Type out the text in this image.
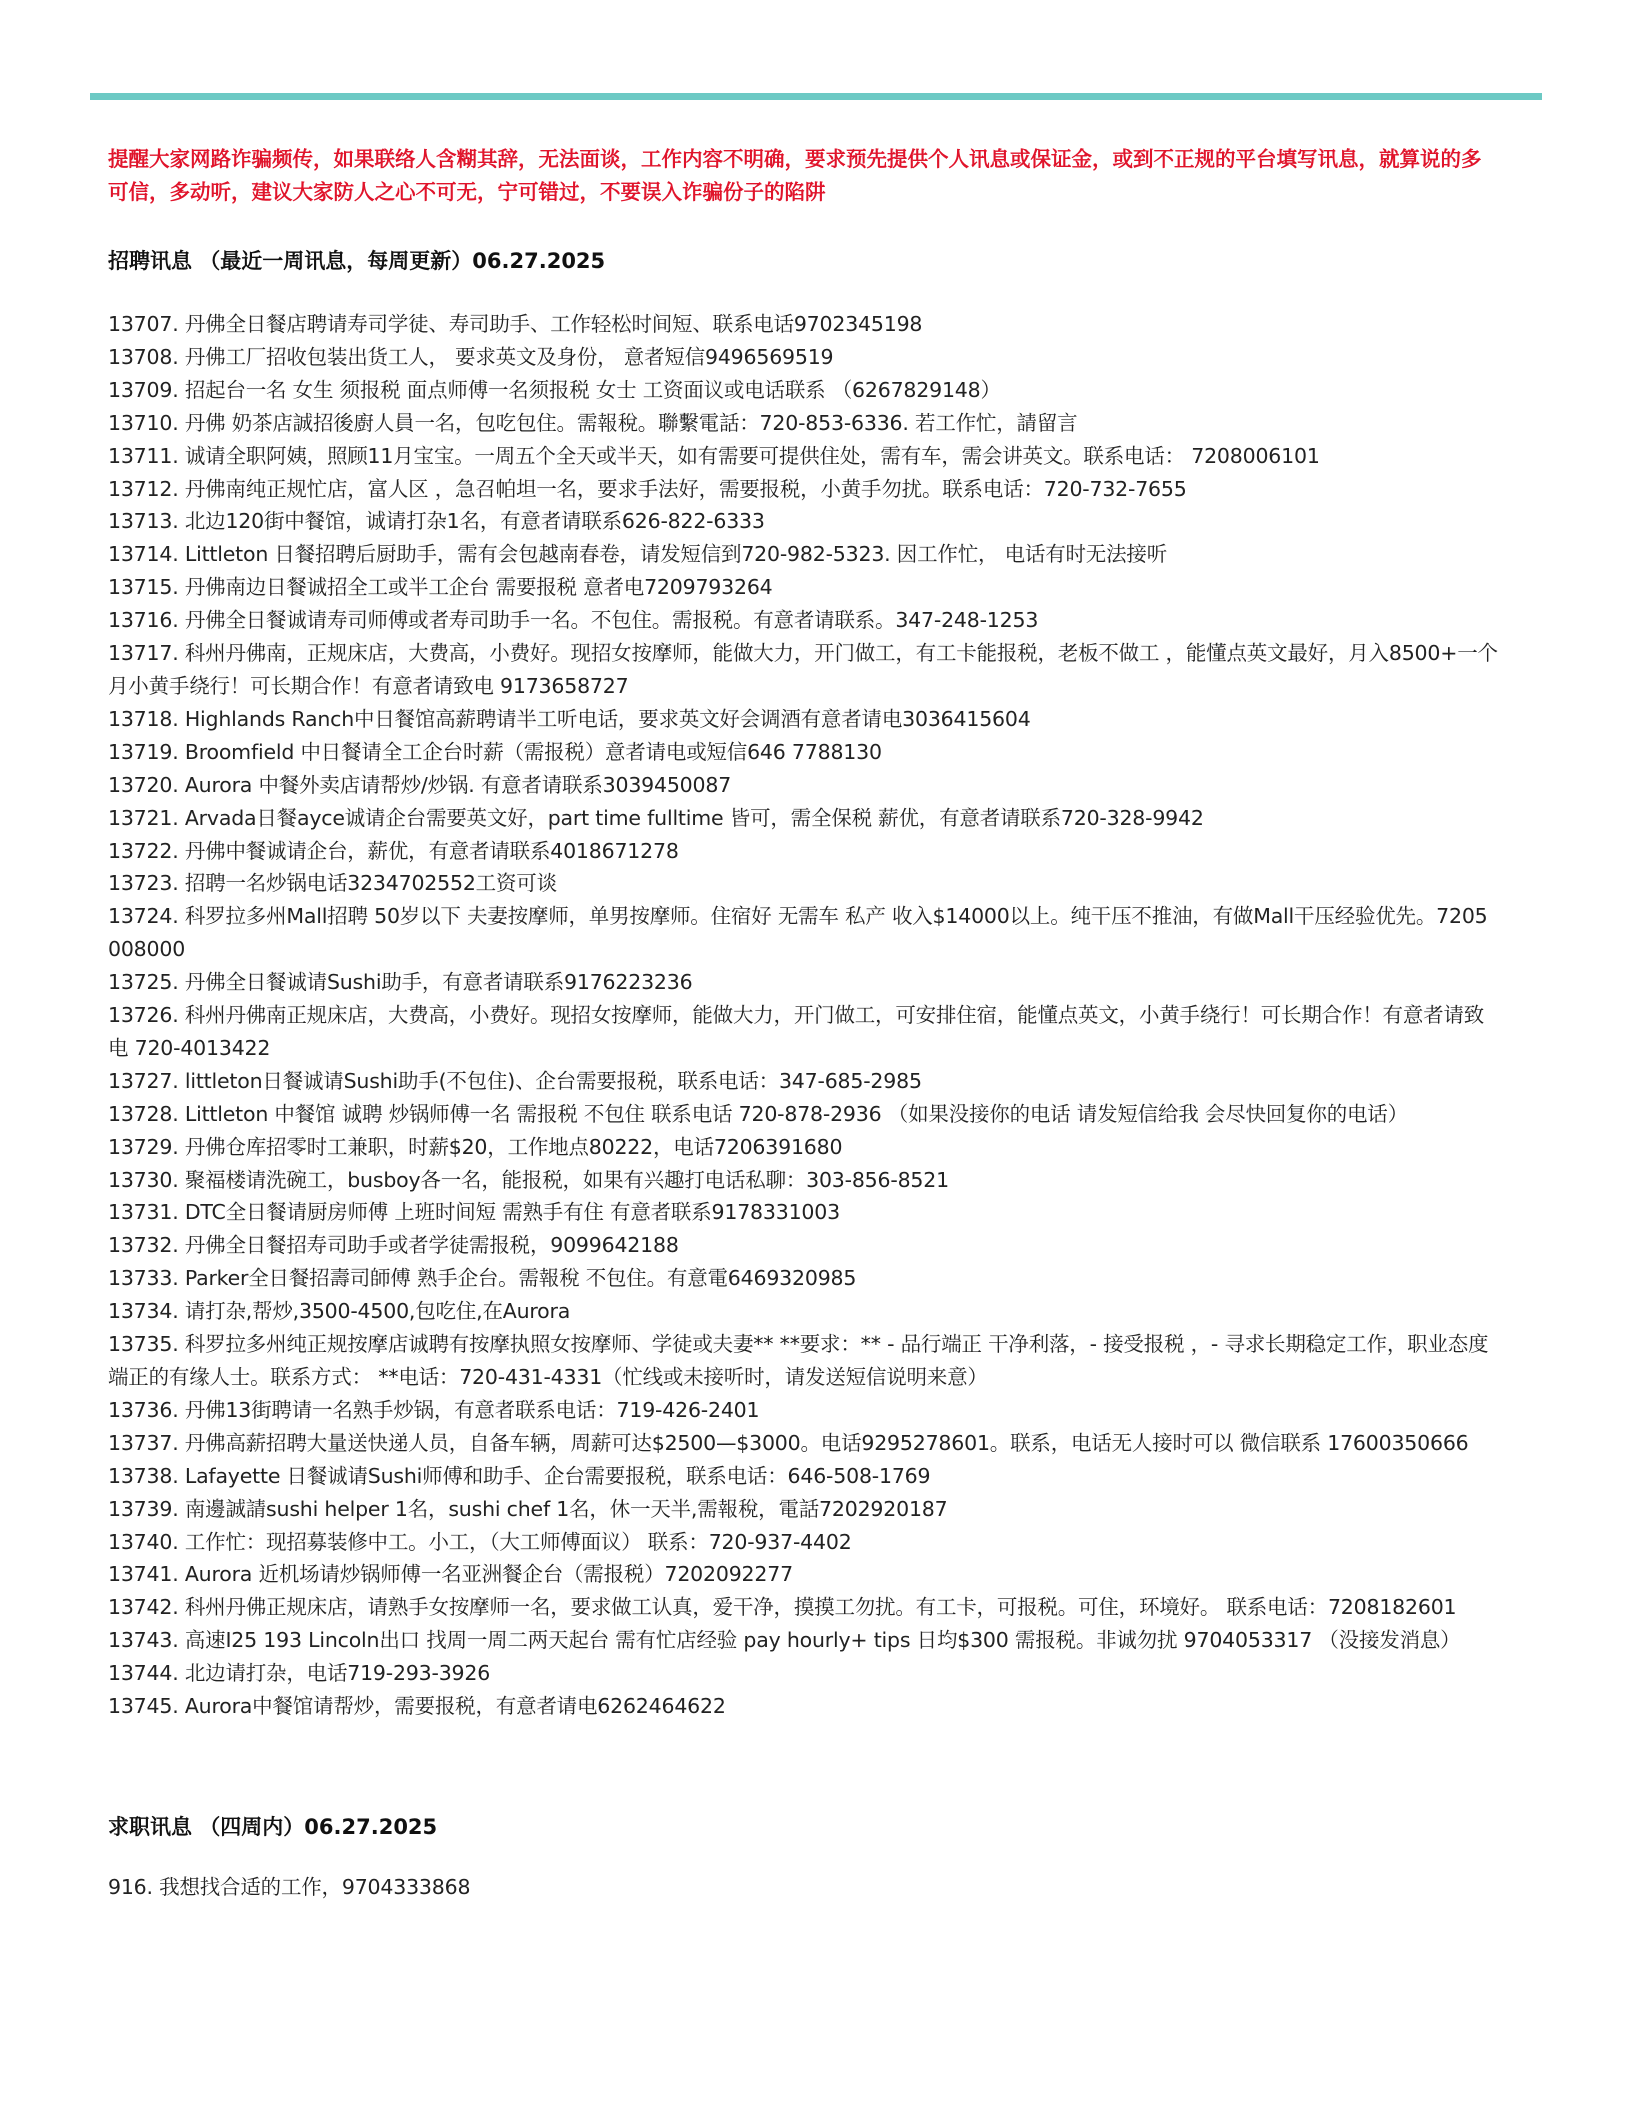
提醒大家网路诈骗频传，如果联络人含糊其辞，无法面谈，工作内容不明确，要求预先提供个人讯息或保证金，或到不正规的平台填写讯息，就算说的多可信，多动听，建议大家防人之心不可无，宁可错过，不要误入诈骗份子的陷阱

招聘讯息 （最近一周讯息，每周更新）06.27.2025
13707. 丹佛全日餐店聘请寿司学徒、寿司助手、工作轻松时间短、联系电话9702345198
13708. 丹佛工厂招收包装出货工人， 要求英文及身份， 意者短信9496569519
13709. 招起台一名 女生 须报税 面点师傅一名须报税 女士 工资面议或电话联系 （6267829148）
13710. 丹佛 奶茶店誠招後廚人員一名，包吃包住。需報稅。聯繫電話：720-853-6336. 若工作忙，請留言
13711. 诚请全职阿姨，照顾11月宝宝。一周五个全天或半天，如有需要可提供住处，需有车，需会讲英文。联系电话： 7208006101
13712. 丹佛南纯正规忙店，富人区 ，急召帕坦一名，要求手法好，需要报税，小黄手勿扰。联系电话：720-732-7655
13713. 北边120街中餐馆，诚请打杂1名，有意者请联系626-822-6333
13714. Littleton 日餐招聘后厨助手，需有会包越南春卷，请发短信到720-982-5323. 因工作忙， 电话有时无法接听
13715. 丹佛南边日餐诚招全工或半工企台 需要报税 意者电7209793264
13716. 丹佛全日餐诚请寿司师傅或者寿司助手一名。不包住。需报税。有意者请联系。347-248-1253
13717. 科州丹佛南，正规床店，大费高，小费好。现招女按摩师，能做大力，开门做工，有工卡能报税，老板不做工 ，能懂点英文最好，月入8500+一个月小黄手绕行！可长期合作！有意者请致电 9173658727
13718. Highlands Ranch中日餐馆高薪聘请半工听电话，要求英文好会调酒有意者请电3036415604
13719. Broomfield 中日餐请全工企台时薪（需报税）意者请电或短信646 7788130
13720. Aurora 中餐外卖店请帮炒/炒锅. 有意者请联系3039450087
13721. Arvada日餐ayce诚请企台需要英文好，part time fulltime 皆可，需全保税 薪优，有意者请联系720-328-9942
13722. 丹佛中餐诚请企台，薪优，有意者请联系4018671278
13723. 招聘一名炒锅电话3234702552工资可谈
13724. 科罗拉多州Mall招聘 50岁以下 夫妻按摩师，单男按摩师。住宿好 无需车 私产 收入$14000以上。纯干压不推油，有做Mall干压经验优先。7205008000
13725. 丹佛全日餐诚请Sushi助手，有意者请联系9176223236
13726. 科州丹佛南正规床店，大费高，小费好。现招女按摩师，能做大力，开门做工，可安排住宿，能懂点英文，小黄手绕行！可长期合作！有意者请致电 720-4013422
13727. littleton日餐诚请Sushi助手(不包住)、企台需要报税，联系电话：347-685-2985
13728. Littleton 中餐馆 诚聘 炒锅师傅一名 需报税 不包住 联系电话 720-878-2936 （如果没接你的电话 请发短信给我 会尽快回复你的电话）
13729. 丹佛仓库招零时工兼职，时薪$20，工作地点80222，电话7206391680
13730. 聚福楼请洗碗工，busboy各一名，能报税，如果有兴趣打电话私聊：303-856-8521
13731. DTC全日餐请厨房师傅 上班时间短 需熟手有住 有意者联系9178331003
13732. 丹佛全日餐招寿司助手或者学徒需报税，9099642188
13733. Parker全日餐招壽司師傅 熟手企台。需報稅 不包住。有意電6469320985
13734. 请打杂,帮炒,3500-4500,包吃住,在Aurora
13735. 科罗拉多州纯正规按摩店诚聘有按摩执照女按摩师、学徒或夫妻** **要求：** - 品行端正 干净利落，- 接受报税 ，- 寻求长期稳定工作，职业态度端正的有缘人士。联系方式： **电话：720-431-4331（忙线或未接听时，请发送短信说明来意）
13736. 丹佛13街聘请一名熟手炒锅，有意者联系电话：719-426-2401
13737. 丹佛高薪招聘大量送快递人员，自备车辆，周薪可达$2500—$3000。电话9295278601。联系，电话无人接时可以 微信联系 17600350666
13738. Lafayette 日餐诚请Sushi师傅和助手、企台需要报税，联系电话：646-508-1769
13739. 南邊誠請sushi helper 1名，sushi chef 1名，休一天半,需報稅，電話7202920187
13740. 工作忙：现招募装修中工。小工，（大工师傅面议） 联系：720-937-4402
13741. Aurora 近机场请炒锅师傅一名亚洲餐企台（需报税）7202092277
13742. 科州丹佛正规床店，请熟手女按摩师一名，要求做工认真，爱干净，摸摸工勿扰。有工卡，可报税。可住，环境好。 联系电话：7208182601
13743. 高速I25 193 Lincoln出口 找周一周二两天起台 需有忙店经验 pay hourly+ tips 日均$300 需报税。非诚勿扰 9704053317 （没接发消息）
13744. 北边请打杂，电话719-293-3926
13745. Aurora中餐馆请帮炒，需要报税，有意者请电6262464622
求职讯息 （四周内）06.27.2025
916. 我想找合适的工作，9704333868
